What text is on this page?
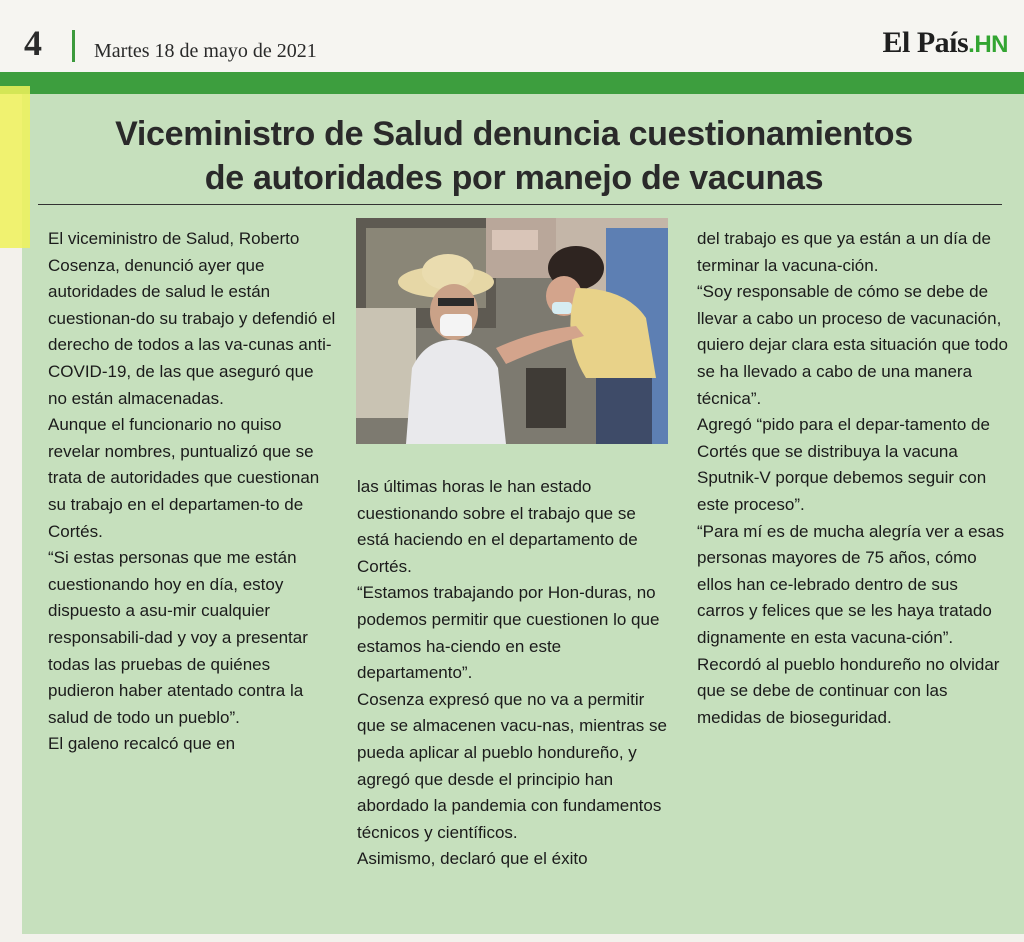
4	Martes 18 de mayo de 2021	El País.HN
Viceministro de Salud denuncia cuestionamientos
de autoridades por manejo de vacunas

El viceministro de Salud, Roberto Cosenza, denunció ayer que autoridades de salud le están cuestionan-do su trabajo y defendió el derecho de todos a las va-cunas anti-COVID-19, de las que aseguró que no están almacenadas.

Aunque el funcionario no quiso revelar nombres, puntualizó que se trata de autoridades que cuestionan su trabajo en el departamen-to de Cortés.

“Si estas personas que me están cuestionando hoy en día, estoy dispuesto a asu-mir cualquier responsabili-dad y voy a presentar todas las pruebas de quiénes pudieron haber atentado contra la salud de todo un pueblo”.

El galeno recalcó que en

las últimas horas le han estado cuestionando sobre el trabajo que se está haciendo en el departamento de Cortés.

“Estamos trabajando por Hon-duras, no podemos permitir que cuestionen lo que estamos ha-ciendo en este departamento”.

Cosenza expresó que no va a permitir que se almacenen vacu-nas, mientras se pueda aplicar al pueblo hondureño, y agregó que desde el principio han abordado la pandemia con fundamentos técnicos y científicos.

Asimismo, declaró que el éxito

del trabajo es que ya están a un día de terminar la vacuna-ción.

“Soy responsable de cómo se debe de llevar a cabo un proceso de vacunación, quiero dejar clara esta situación que todo se ha llevado a cabo de una manera técnica”.

Agregó “pido para el depar-tamento de Cortés que se distribuya la vacuna Sputnik-V porque debemos seguir con este proceso”.

“Para mí es de mucha alegría ver a esas personas mayores de 75 años, cómo ellos han ce-lebrado dentro de sus carros y felices que se les haya tratado dignamente en esta vacuna-ción”.

Recordó al pueblo hondureño no olvidar que se debe de continuar con las medidas de bioseguridad.
